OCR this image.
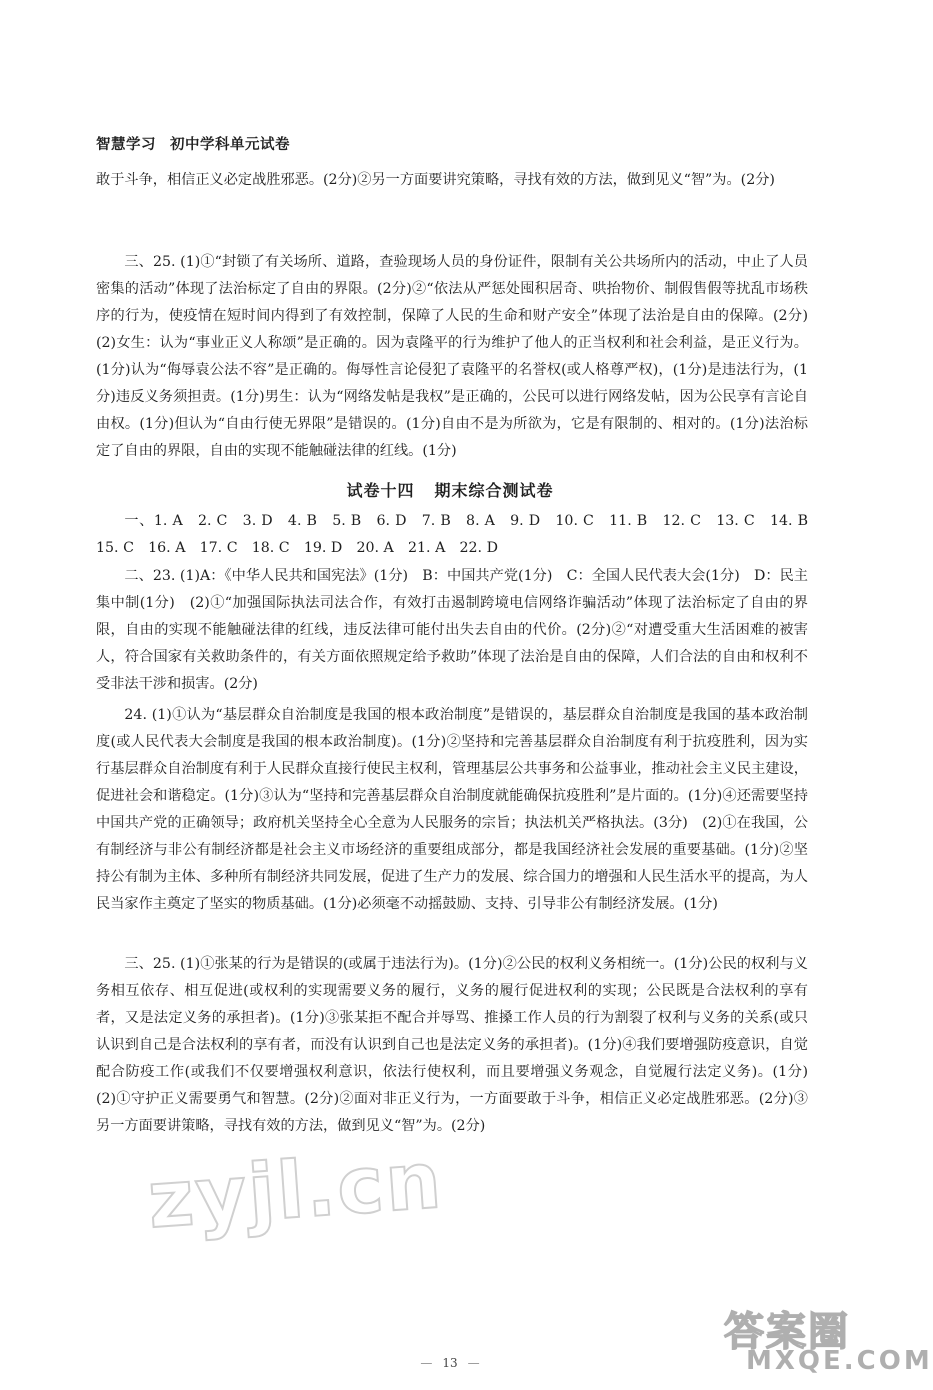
智慧学习 初中学科单元试卷
敢于斗争，相信正义必定战胜邪恶。(2分)②另一方面要讲究策略，寻找有效的方法，做到见义“智”为。(2分)
三、25. (1)①“封锁了有关场所、道路，查验现场人员的身份证件，限制有关公共场所内的活动，中止了人员密集的活动”体现了法治标定了自由的界限。(2分)②“依法从严惩处囤积居奇、哄抬物价、制假售假等扰乱市场秩序的行为，使疫情在短时间内得到了有效控制，保障了人民的生命和财产安全”体现了法治是自由的保障。(2分)　(2)女生：认为“事业正义人称颂”是正确的。因为袁隆平的行为维护了他人的正当权利和社会利益，是正义行为。(1分)认为“侮辱袁公法不容”是正确的。侮辱性言论侵犯了袁隆平的名誉权(或人格尊严权)，(1分)是违法行为，(1分)违反义务须担责。(1分)男生：认为“网络发帖是我权”是正确的，公民可以进行网络发帖，因为公民享有言论自由权。(1分)但认为“自由行使无界限”是错误的。(1分)自由不是为所欲为，它是有限制的、相对的。(1分)法治标定了自由的界限，自由的实现不能触碰法律的红线。(1分)
试卷十四 期末综合测试卷
一、1. A　2. C　3. D　4. B　5. B　6. D　7. B　8. A　9. D　10. C　11. B　12. C　13. C　14. B　15. C　16. A　17. C　18. C　19. D　20. A　21. A　22. D
二、23. (1)A：《中华人民共和国宪法》(1分)　B：中国共产党(1分)　C：全国人民代表大会(1分)　D：民主集中制(1分)　(2)①“加强国际执法司法合作，有效打击遏制跨境电信网络诈骗活动”体现了法治标定了自由的界限，自由的实现不能触碰法律的红线，违反法律可能付出失去自由的代价。(2分)②“对遭受重大生活困难的被害人，符合国家有关救助条件的，有关方面依照规定给予救助”体现了法治是自由的保障，人们合法的自由和权利不受非法干涉和损害。(2分)
24. (1)①认为“基层群众自治制度是我国的根本政治制度”是错误的，基层群众自治制度是我国的基本政治制度(或人民代表大会制度是我国的根本政治制度)。(1分)②坚持和完善基层群众自治制度有利于抗疫胜利，因为实行基层群众自治制度有利于人民群众直接行使民主权利，管理基层公共事务和公益事业，推动社会主义民主建设，促进社会和谐稳定。(1分)③认为“坚持和完善基层群众自治制度就能确保抗疫胜利”是片面的。(1分)④还需要坚持中国共产党的正确领导；政府机关坚持全心全意为人民服务的宗旨；执法机关严格执法。(3分)　(2)①在我国，公有制经济与非公有制经济都是社会主义市场经济的重要组成部分，都是我国经济社会发展的重要基础。(1分)②坚持公有制为主体、多种所有制经济共同发展，促进了生产力的发展、综合国力的增强和人民生活水平的提高，为人民当家作主奠定了坚实的物质基础。(1分)必须毫不动摇鼓励、支持、引导非公有制经济发展。(1分)
三、25. (1)①张某的行为是错误的(或属于违法行为)。(1分)②公民的权利义务相统一。(1分)公民的权利与义务相互依存、相互促进(或权利的实现需要义务的履行，义务的履行促进权利的实现；公民既是合法权利的享有者，又是法定义务的承担者)。(1分)③张某拒不配合并辱骂、推搡工作人员的行为割裂了权利与义务的关系(或只认识到自己是合法权利的享有者，而没有认识到自己也是法定义务的承担者)。(1分)④我们要增强防疫意识，自觉配合防疫工作(或我们不仅要增强权利意识，依法行使权利，而且要增强义务观念，自觉履行法定义务)。(1分)　(2)①守护正义需要勇气和智慧。(2分)②面对非正义行为，一方面要敢于斗争，相信正义必定战胜邪恶。(2分)③另一方面要讲策略，寻找有效的方法，做到见义“智”为。(2分)
zyjl.cn
— 13 —
答案圈
MXQE.COM
